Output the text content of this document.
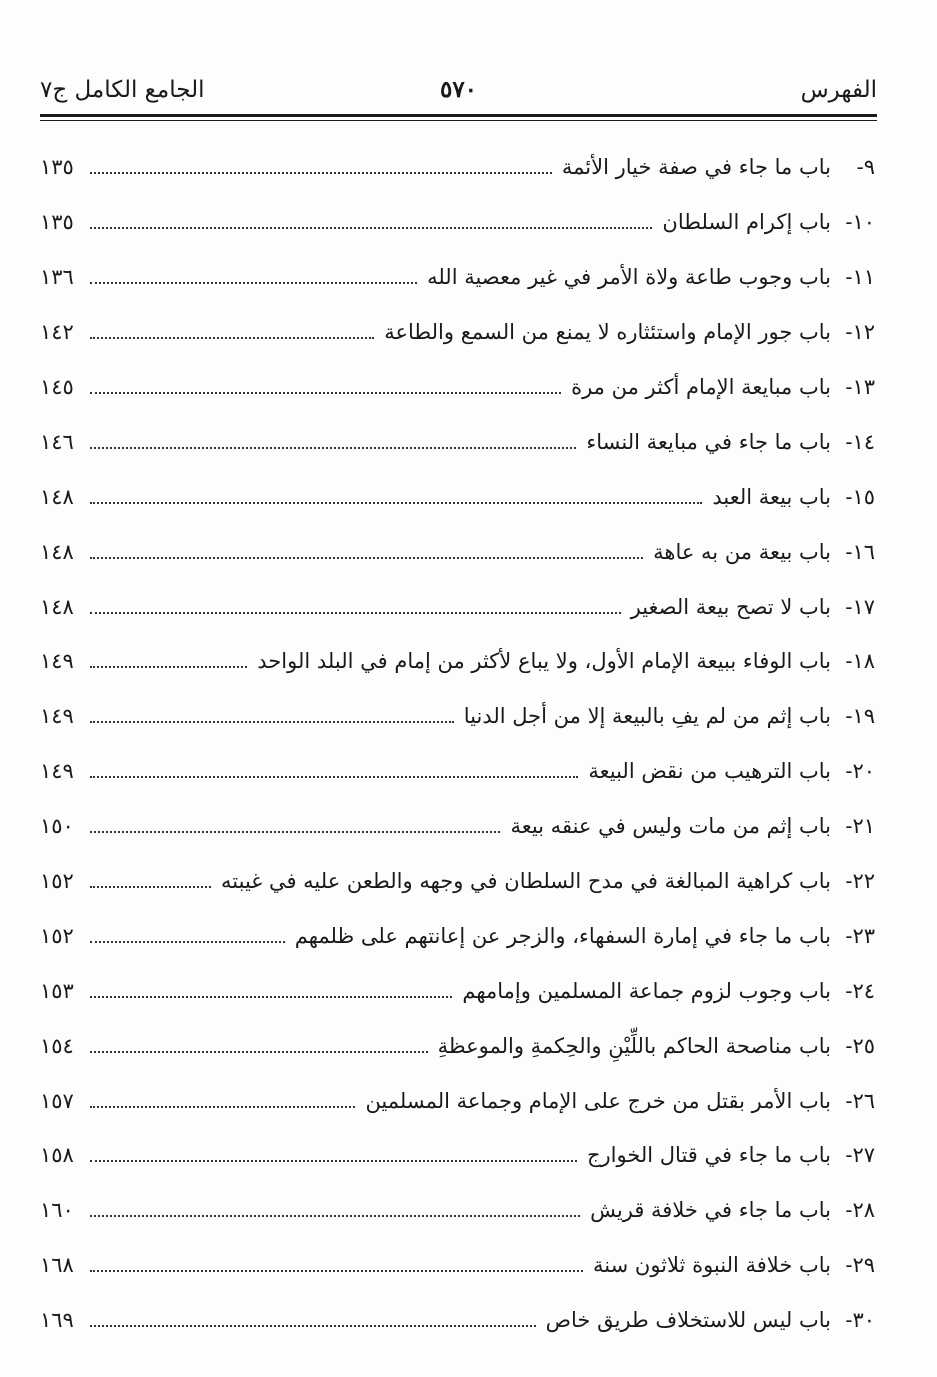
الفهرس
٥٧٠
الجامع الكامل ج٧
٩-
باب ما جاء في صفة خيار الأئمة
١٣٥
١٠-
باب إكرام السلطان
١٣٥
١١-
باب وجوب طاعة ولاة الأمر في غير معصية الله
١٣٦
١٢-
باب جور الإمام واستئثاره لا يمنع من السمع والطاعة
١٤٢
١٣-
باب مبايعة الإمام أكثر من مرة
١٤٥
١٤-
باب ما جاء في مبايعة النساء
١٤٦
١٥-
باب بيعة العبد
١٤٨
١٦-
باب بيعة من به عاهة
١٤٨
١٧-
باب لا تصح بيعة الصغير
١٤٨
١٨-
باب الوفاء ببيعة الإمام الأول، ولا يباع لأكثر من إمام في البلد الواحد
١٤٩
١٩-
باب إثم من لم يفِ بالبيعة إلا من أجل الدنيا
١٤٩
٢٠-
باب الترهيب من نقض البيعة
١٤٩
٢١-
باب إثم من مات وليس في عنقه بيعة
١٥٠
٢٢-
باب كراهية المبالغة في مدح السلطان في وجهه والطعن عليه في غيبته
١٥٢
٢٣-
باب ما جاء في إمارة السفهاء، والزجر عن إعانتهم على ظلمهم
١٥٢
٢٤-
باب وجوب لزوم جماعة المسلمين وإمامهم
١٥٣
٢٥-
باب مناصحة الحاكم باللِّيْنِ والحِكمةِ والموعظةِ
١٥٤
٢٦-
باب الأمر بقتل من خرج على الإمام وجماعة المسلمين
١٥٧
٢٧-
باب ما جاء في قتال الخوارج
١٥٨
٢٨-
باب ما جاء في خلافة قريش
١٦٠
٢٩-
باب خلافة النبوة ثلاثون سنة
١٦٨
٣٠-
باب ليس للاستخلاف طريق خاص
١٦٩
